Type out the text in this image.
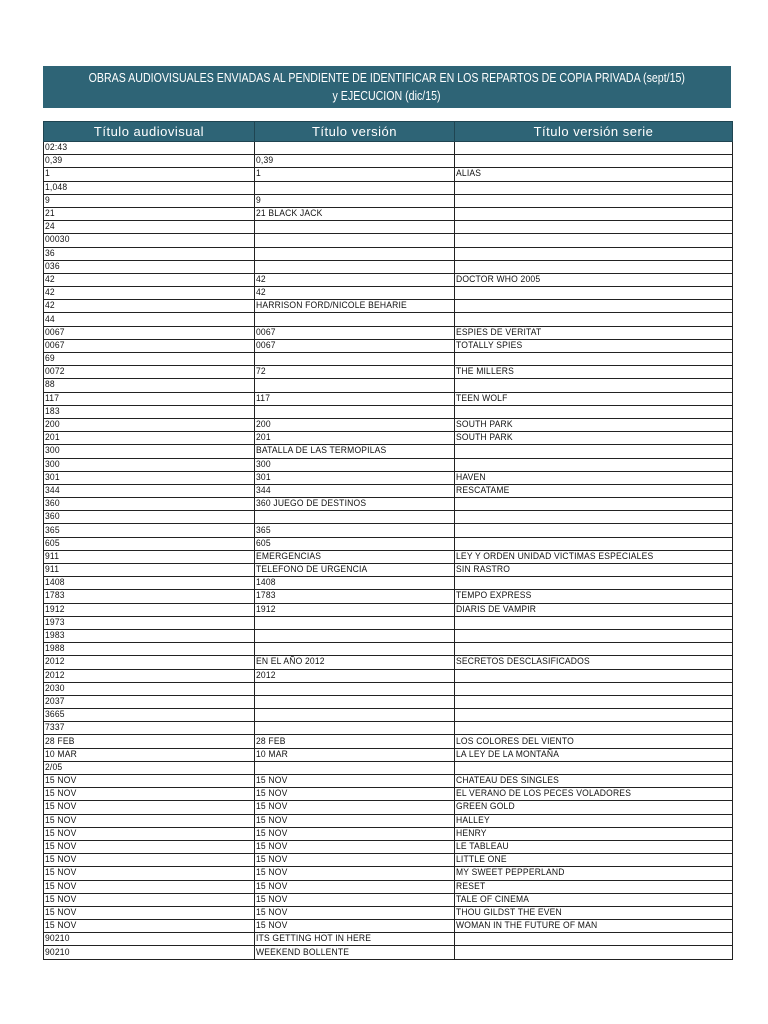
OBRAS AUDIOVISUALES ENVIADAS AL PENDIENTE DE IDENTIFICAR EN LOS REPARTOS DE COPIA PRIVADA (sept/15)
y EJECUCION (dic/15)
Título audiovisual	Título versión	Título versión serie
02:43		
0,39	0,39	
1	1	ALIAS
1,048		
9	9	
21	21 BLACK JACK	
24		
00030		
36		
036		
42	42	DOCTOR WHO 2005
42	42	
42	HARRISON FORD/NICOLE BEHARIE	
44		
0067	0067	ESPIES DE VERITAT
0067	0067	TOTALLY SPIES
69		
0072	72	THE MILLERS
88		
117	117	TEEN WOLF
183		
200	200	SOUTH PARK
201	201	SOUTH PARK
300	BATALLA DE LAS TERMOPILAS	
300	300	
301	301	HAVEN
344	344	RESCATAME
360	360 JUEGO DE DESTINOS	
360		
365	365	
605	605	
911	EMERGENCIAS	LEY Y ORDEN UNIDAD VICTIMAS ESPECIALES
911	TELEFONO DE URGENCIA	SIN RASTRO
1408	1408	
1783	1783	TEMPO EXPRESS
1912	1912	DIARIS DE VAMPIR
1973		
1983		
1988		
2012	EN EL AÑO 2012	SECRETOS DESCLASIFICADOS
2012	2012	
2030		
2037		
3665		
7337		
28 FEB	28 FEB	LOS COLORES DEL VIENTO
10 MAR	10 MAR	LA LEY DE LA MONTAÑA
2/05		
15 NOV	15 NOV	CHATEAU DES SINGLES
15 NOV	15 NOV	EL VERANO DE LOS PECES VOLADORES
15 NOV	15 NOV	GREEN GOLD
15 NOV	15 NOV	HALLEY
15 NOV	15 NOV	HENRY
15 NOV	15 NOV	LE TABLEAU
15 NOV	15 NOV	LITTLE ONE
15 NOV	15 NOV	MY SWEET PEPPERLAND
15 NOV	15 NOV	RESET
15 NOV	15 NOV	TALE OF CINEMA
15 NOV	15 NOV	THOU GILDST THE EVEN
15 NOV	15 NOV	WOMAN IN THE FUTURE OF MAN
90210	ITS GETTING HOT IN HERE	
90210	WEEKEND BOLLENTE	
